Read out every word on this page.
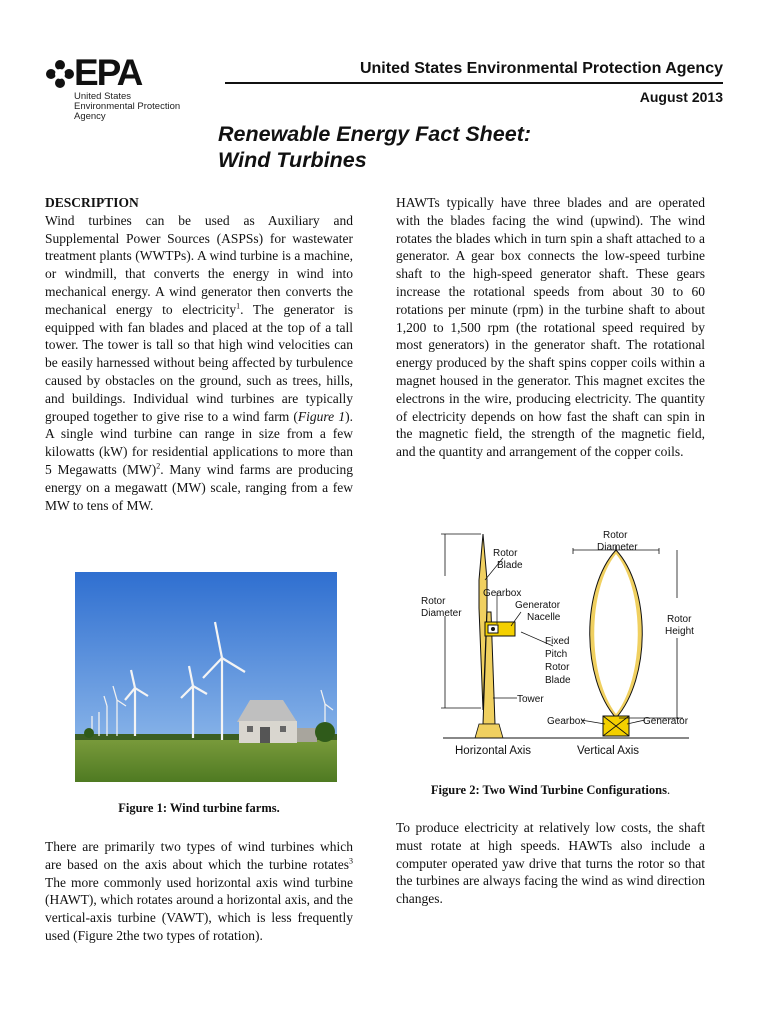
EPA
United States
Environmental Protection
Agency
United States Environmental Protection Agency
August 2013
Renewable Energy Fact Sheet:
Wind Turbines

DESCRIPTION

Wind turbines can be used as Auxiliary and Supplemental Power Sources (ASPSs) for wastewater treatment plants (WWTPs). A wind turbine is a machine, or windmill, that converts the energy in wind into mechanical energy. A wind generator then converts the mechanical energy to electricity$^1$. The generator is equipped with fan blades and placed at the top of a tall tower. The tower is tall so that high wind velocities can be easily harnessed without being affected by turbulence caused by obstacles on the ground, such as trees, hills, and buildings. Individual wind turbines are typically grouped together to give rise to a wind farm (Figure 1). A single wind turbine can range in size from a few kilowatts (kW) for residential applications to more than 5 Megawatts (MW)$^2$. Many wind farms are producing energy on a megawatt (MW) scale, ranging from a few MW to tens of MW.

Figure 1: Wind turbine farms.

There are primarily two types of wind turbines which are based on the axis about which the turbine rotates$^3$ The more commonly used horizontal axis wind turbine (HAWT), which rotates around a horizontal axis, and the vertical-axis turbine (VAWT), which is less frequently used (Figure 2the two types of rotation).

HAWTs typically have three blades and are operated with the blades facing the wind (upwind). The wind rotates the blades which in turn spin a shaft attached to a generator. A gear box connects the low-speed turbine shaft to the high-speed generator shaft. These gears increase the rotational speeds from about 30 to 60 rotations per minute (rpm) in the turbine shaft to about 1,200 to 1,500 rpm (the rotational speed required by most generators) in the generator shaft. The rotational energy produced by the shaft spins copper coils within a magnet housed in the generator. This magnet excites the electrons in the wire, producing electricity. The quantity of electricity depends on how fast the shaft can spin in the magnetic field, the strength of the magnetic field, and the quantity and arrangement of the copper coils.

Rotor Blade
Rotor Diameter
Gearbox
Generator Nacelle
Tower
Fixed Pitch Rotor Blade
Rotor Diameter
Rotor Height
Gearbox	Generator
Horizontal Axis	Vertical Axis
Figure 2: Two Wind Turbine Configurations.

To produce electricity at relatively low costs, the shaft must rotate at high speeds. HAWTs also include a computer operated yaw drive that turns the rotor so that the turbines are always facing the wind as wind direction changes.
